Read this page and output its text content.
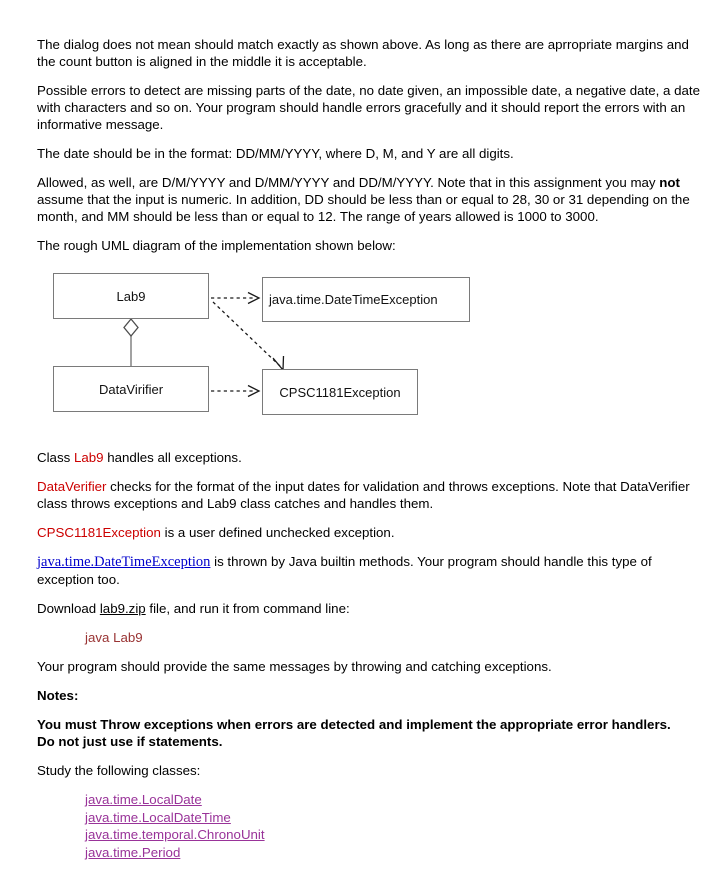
The dialog does not mean should match exactly as shown above. As long as there are aprropriate margins and the count button is aligned in the middle it is acceptable.

Possible errors to detect are missing parts of the date, no date given, an impossible date, a negative date, a date with characters and so on. Your program should handle errors gracefully and it should report the errors with an informative message.

The date should be in the format: DD/MM/YYYY, where D, M, and Y are all digits.

Allowed, as well, are D/M/YYYY and D/MM/YYYY and DD/M/YYYY. Note that in this assignment you may not assume that the input is numeric. In addition, DD should be less than or equal to 28, 30 or 31 depending on the month, and MM should be less than or equal to 12. The range of years allowed is 1000 to 3000.

The rough UML diagram of the implementation shown below:

Lab9	java.time.DateTimeException
DataVirifier	CPSC1181Exception

Class Lab9 handles all exceptions.

DataVerifier checks for the format of the input dates for validation and throws exceptions. Note that DataVerifier class throws exceptions and Lab9 class catches and handles them.

CPSC1181Exception is a user defined unchecked exception.

java.time.DateTimeException is thrown by Java builtin methods. Your program should handle this type of exception too.

Download lab9.zip file, and run it from command line:

java Lab9

Your program should provide the same messages by throwing and catching exceptions.

Notes:

You must Throw exceptions when errors are detected and implement the appropriate error handlers. Do not just use if statements.

Study the following classes:

java.time.LocalDate
java.time.LocalDateTime
java.time.temporal.ChronoUnit
java.time.Period
